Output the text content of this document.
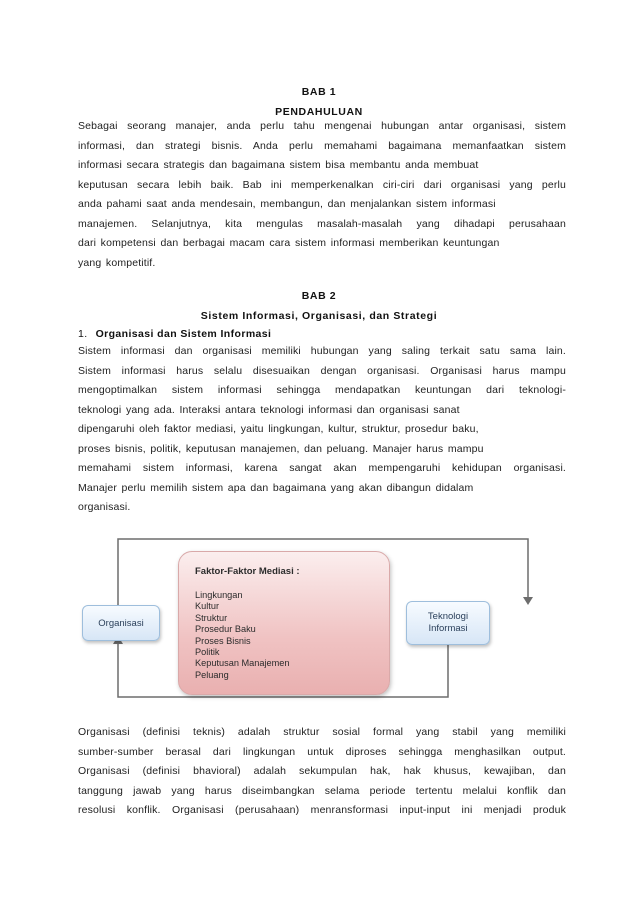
BAB 1
PENDAHULUAN
Sebagai seorang manajer, anda perlu tahu mengenai hubungan antar organisasi, sistem
informasi, dan strategi bisnis. Anda perlu memahami bagaimana memanfaatkan sistem
informasi secara strategis dan bagaimana sistem bisa membantu anda membuat
keputusan secara lebih baik. Bab ini memperkenalkan ciri-ciri dari organisasi yang perlu
anda pahami saat anda mendesain, membangun, dan menjalankan sistem informasi
manajemen. Selanjutnya, kita mengulas masalah-masalah yang dihadapi perusahaan
dari kompetensi dan berbagai macam cara sistem informasi memberikan keuntungan
yang kompetitif.
BAB 2
Sistem Informasi, Organisasi, dan Strategi
1. Organisasi dan Sistem Informasi
Sistem informasi dan organisasi memiliki hubungan yang saling terkait satu sama lain.
Sistem informasi harus selalu disesuaikan dengan organisasi. Organisasi harus mampu
mengoptimalkan sistem informasi sehingga mendapatkan keuntungan dari teknologi-
teknologi yang ada. Interaksi antara teknologi informasi dan organisasi sanat
dipengaruhi oleh faktor mediasi, yaitu lingkungan, kultur, struktur, prosedur baku,
proses bisnis, politik, keputusan manajemen, dan peluang. Manajer harus mampu
memahami sistem informasi, karena sangat akan mempengaruhi kehidupan organisasi.
Manajer perlu memilih sistem apa dan bagaimana yang akan dibangun didalam
organisasi.
Organisasi
Teknologi
Informasi
Faktor-Faktor Mediasi :
Lingkungan
Kultur
Struktur
Prosedur Baku
Proses Bisnis
Politik
Keputusan Manajemen
Peluang
Organisasi (definisi teknis) adalah struktur sosial formal yang stabil yang memiliki
sumber-sumber berasal dari lingkungan untuk diproses sehingga menghasilkan output.
Organisasi (definisi bhavioral) adalah sekumpulan hak, hak khusus, kewajiban, dan
tanggung jawab yang harus diseimbangkan selama periode tertentu melalui konflik dan
resolusi konflik. Organisasi (perusahaan) menransformasi input-input ini menjadi produk
